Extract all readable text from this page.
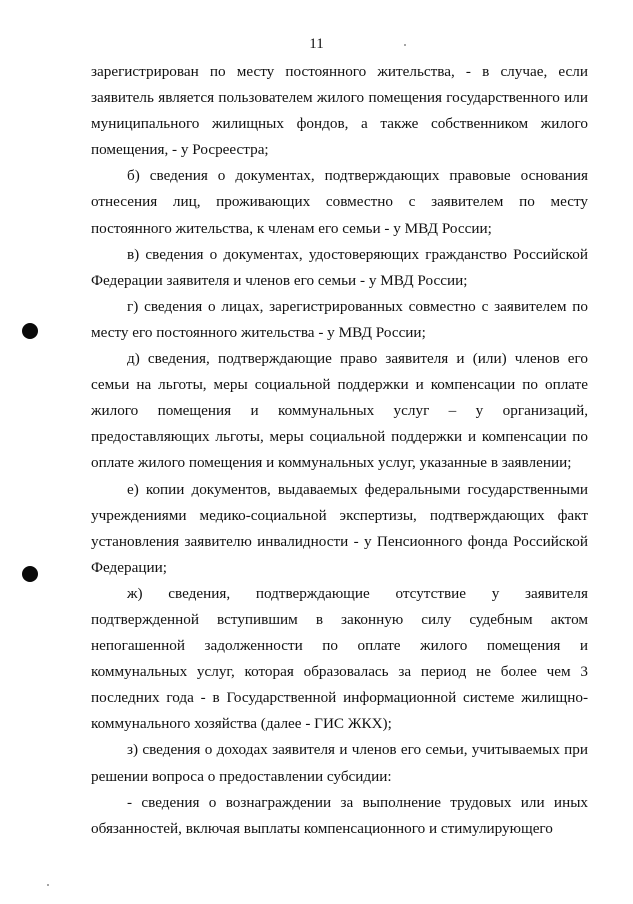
11

зарегистрирован по месту постоянного жительства, - в случае, если заявитель является пользователем жилого помещения государственного или муниципального жилищных фондов, а также собственником жилого помещения, - у Росреестра;

б) сведения о документах, подтверждающих правовые основания отнесения лиц, проживающих совместно с заявителем по месту постоянного жительства, к членам его семьи - у МВД России;

в) сведения о документах, удостоверяющих гражданство Российской Федерации заявителя и членов его семьи - у МВД России;

г) сведения о лицах, зарегистрированных совместно с заявителем по месту его постоянного жительства - у МВД России;

д) сведения, подтверждающие право заявителя и (или) членов его семьи на льготы, меры социальной поддержки и компенсации по оплате жилого помещения и коммунальных услуг – у организаций, предоставляющих льготы, меры социальной поддержки и компенсации по оплате жилого помещения и коммунальных услуг, указанные в заявлении;

е) копии документов, выдаваемых федеральными государственными учреждениями медико-социальной экспертизы, подтверждающих факт установления заявителю инвалидности - у Пенсионного фонда Российской Федерации;

ж) сведения, подтверждающие отсутствие у заявителя подтвержденной вступившим в законную силу судебным актом непогашенной задолженности по оплате жилого помещения и коммунальных услуг, которая образовалась за период не более чем 3 последних года - в Государственной информационной системе жилищно-коммунального хозяйства (далее - ГИС ЖКХ);

з) сведения о доходах заявителя и членов его семьи, учитываемых при решении вопроса о предоставлении субсидии:

- сведения о вознаграждении за выполнение трудовых или иных обязанностей, включая выплаты компенсационного и стимулирующего
